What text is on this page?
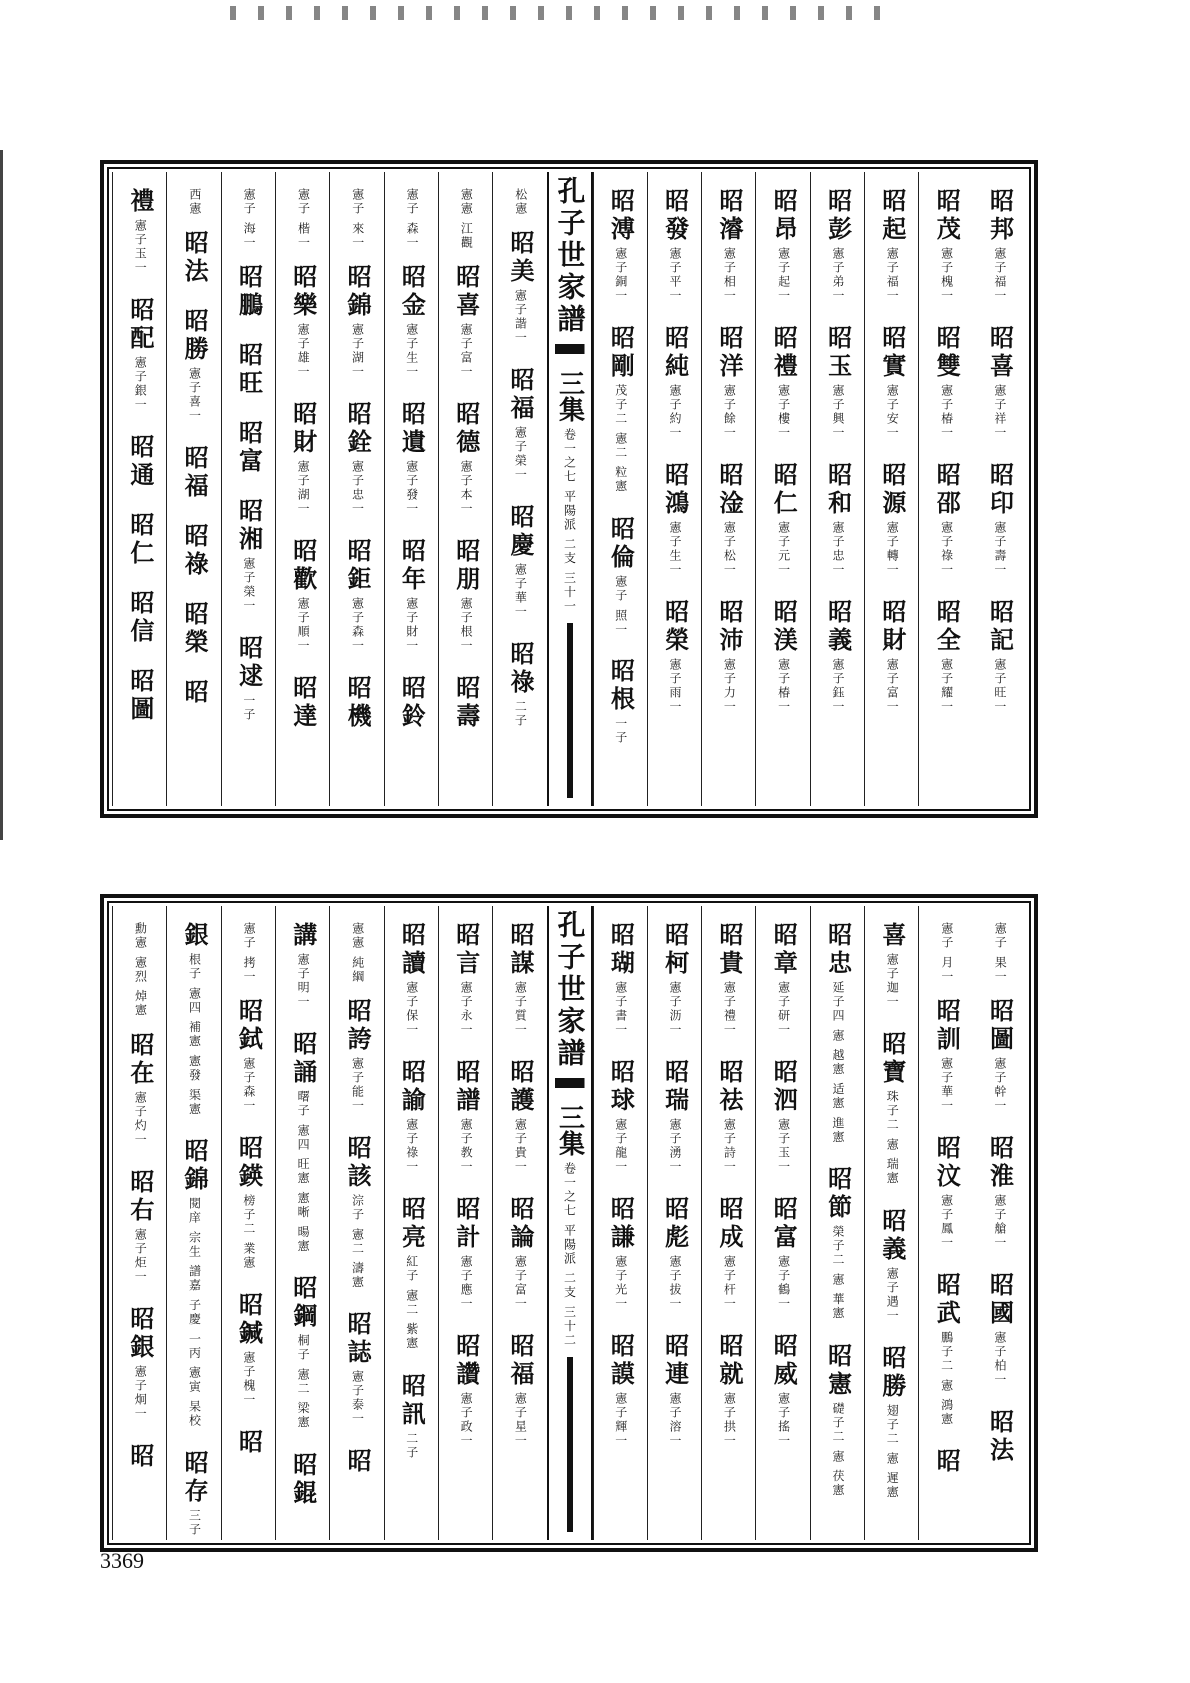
昭邦
憲子福一
昭喜
憲子祥一
昭印
憲子壽一
昭記
憲子旺一
昭茂
憲子槐一
昭雙
憲子椿一
昭邵
憲子祿一
昭全
憲子耀一
昭起
憲子福一
昭實
憲子安一
昭源
憲子轉一
昭財
憲子富一
昭彭
憲子弟一
昭玉
憲子興一
昭和
憲子忠一
昭義
憲子鈺一
昭昂
憲子起一
昭禮
憲子樓一
昭仁
憲子元一
昭渼
憲子椿一
昭濬
憲子相一
昭洋
憲子餘一
昭淦
憲子松一
昭沛
憲子力一
昭發
憲子平一
昭純
憲子約一
昭鴻
憲子生一
昭榮
憲子雨一
昭溥
憲子銅一
昭剛
茂子二 憲二 粒憲
昭倫
憲子 照一
昭根
一子
孔子世家譜
三集
卷一之七 平陽派 二支 三十一
松憲
昭美
憲子諧一
昭福
憲子榮一
昭慶
憲子華一
昭祿
二子
憲憲 江觀
昭喜
憲子富一
昭德
憲子本一
昭朋
憲子根一
昭壽
憲子 森一
昭金
憲子生一
昭遺
憲子發一
昭年
憲子財一
昭鈴
憲子 來一
昭錦
憲子湖一
昭銓
憲子忠一
昭鉅
憲子森一
昭機
憲子 楷一
昭樂
憲子雄一
昭財
憲子湖一
昭歡
憲子順一
昭達
憲子 海一
昭鵬
昭旺
昭富
昭湘
憲子榮一
昭逑
一子
西憲
昭法
昭勝
憲子喜一
昭福
昭祿
昭榮
昭
禮
憲子玉一
昭配
憲子銀一
昭通
昭仁
昭信
昭圖
憲子 果一
昭圖
憲子幹一
昭淮
憲子艙一
昭國
憲子柏一
昭法
憲子 月一
昭訓
憲子華一
昭汶
憲子鳳一
昭武
鵬子二 憲 鴻憲
昭
喜
憲子迦一
昭寶
珠子二 憲 瑞憲
昭義
憲子遇一
昭勝
翅子二 憲 遲憲
昭忠
延子四 憲 越憲 适憲 進憲
昭節
榮子二 憲 華憲
昭憲
礎子二 憲 茯憲
昭章
憲子研一
昭泗
憲子玉一
昭富
憲子鶴一
昭威
憲子搖一
昭貴
憲子禮一
昭祛
憲子詩一
昭成
憲子杆一
昭就
憲子拱一
昭柯
憲子沥一
昭瑞
憲子湧一
昭彪
憲子拔一
昭連
憲子溶一
昭瑚
憲子書一
昭球
憲子龍一
昭謙
憲子光一
昭謨
憲子輝一
孔子世家譜
三集
卷一之七 平陽派 二支 三十二
昭謀
憲子質一
昭護
憲子貴一
昭論
憲子富一
昭福
憲子星一
昭言
憲子永一
昭譜
憲子教一
昭計
憲子應一
昭讚
憲子政一
昭讀
憲子保一
昭諭
憲子祿一
昭亮
紅子 憲二 紫憲
昭訊
二子
憲憲 純綱
昭誇
憲子能一
昭該
淙子 憲二 濤憲
昭誌
憲子泰一
昭
講
憲子明一
昭誦
曙子 憲四 旺憲 憲晰 暘憲
昭鋼
桐子 憲二 梁憲
昭錕
憲子 拷一
昭鉽
憲子森一
昭鍈
榜子二 業憲
昭鍼
憲子槐一
昭
銀
根子 憲四 補憲 憲發 渠憲
昭錦
閱庠 宗生 譜嘉 子慶 一丙 憲寅 杲校
昭存
三子
勳憲 憲烈 焯憲
昭在
憲子灼一
昭右
憲子炬一
昭銀
憲子炯一
昭
3369
